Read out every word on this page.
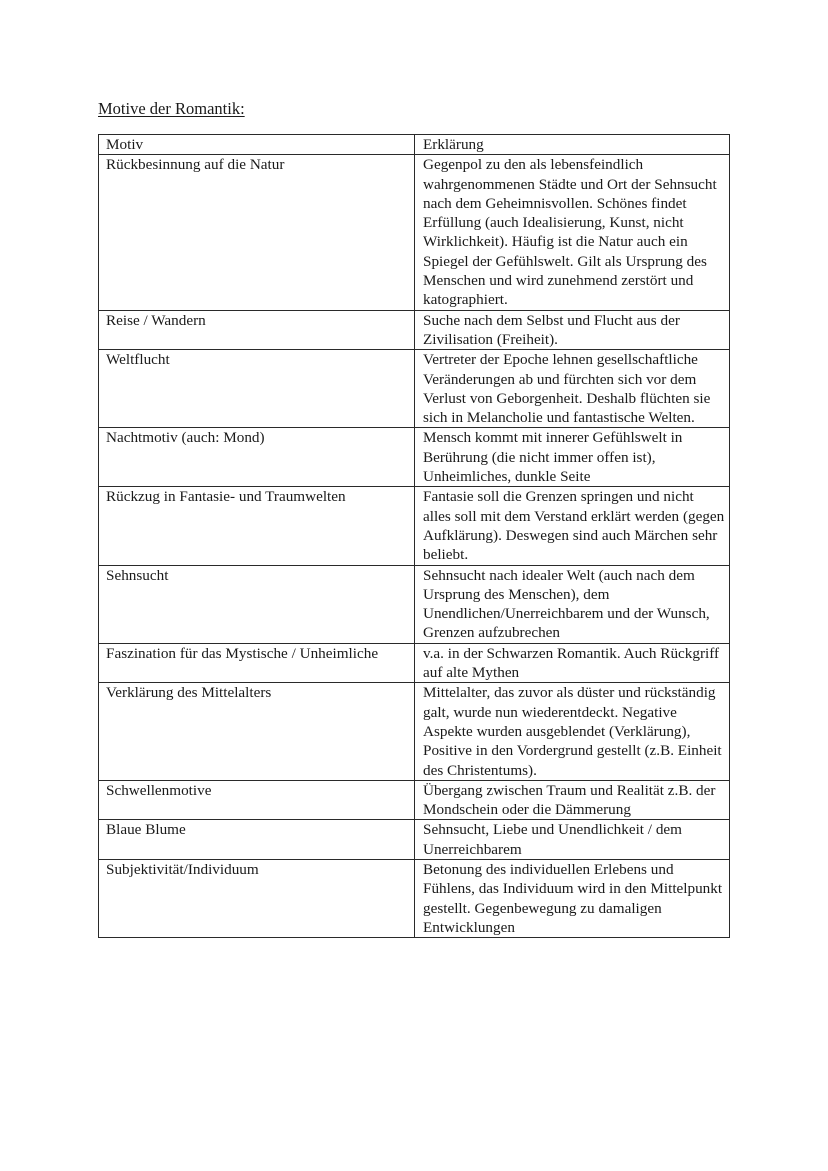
Motive der Romantik:
Motiv	Erklärung
Rückbesinnung auf die Natur	Gegenpol zu den als lebensfeindlich wahrgenommenen Städte und Ort der Sehnsucht nach dem Geheimnisvollen. Schönes findet Erfüllung (auch Idealisierung, Kunst, nicht Wirklichkeit). Häufig ist die Natur auch ein Spiegel der Gefühlswelt. Gilt als Ursprung des Menschen und wird zunehmend zerstört und katographiert.
Reise / Wandern	Suche nach dem Selbst und Flucht aus der Zivilisation (Freiheit).
Weltflucht	Vertreter der Epoche lehnen gesellschaftliche Veränderungen ab und fürchten sich vor dem Verlust von Geborgenheit. Deshalb flüchten sie sich in Melancholie und fantastische Welten.
Nachtmotiv (auch: Mond)	Mensch kommt mit innerer Gefühlswelt in Berührung (die nicht immer offen ist), Unheimliches, dunkle Seite
Rückzug in Fantasie- und Traumwelten	Fantasie soll die Grenzen springen und nicht alles soll mit dem Verstand erklärt werden (gegen Aufklärung). Deswegen sind auch Märchen sehr beliebt.
Sehnsucht	Sehnsucht nach idealer Welt (auch nach dem Ursprung des Menschen), dem Unendlichen/Unerreichbarem und der Wunsch, Grenzen aufzubrechen
Faszination für das Mystische / Unheimliche	v.a. in der Schwarzen Romantik. Auch Rückgriff auf alte Mythen
Verklärung des Mittelalters	Mittelalter, das zuvor als düster und rückständig galt, wurde nun wiederentdeckt. Negative Aspekte wurden ausgeblendet (Verklärung), Positive in den Vordergrund gestellt (z.B. Einheit des Christentums).
Schwellenmotive	Übergang zwischen Traum und Realität z.B. der Mondschein oder die Dämmerung
Blaue Blume	Sehnsucht, Liebe und Unendlichkeit / dem Unerreichbarem
Subjektivität/Individuum	Betonung des individuellen Erlebens und Fühlens, das Individuum wird in den Mittelpunkt gestellt. Gegenbewegung zu damaligen Entwicklungen
